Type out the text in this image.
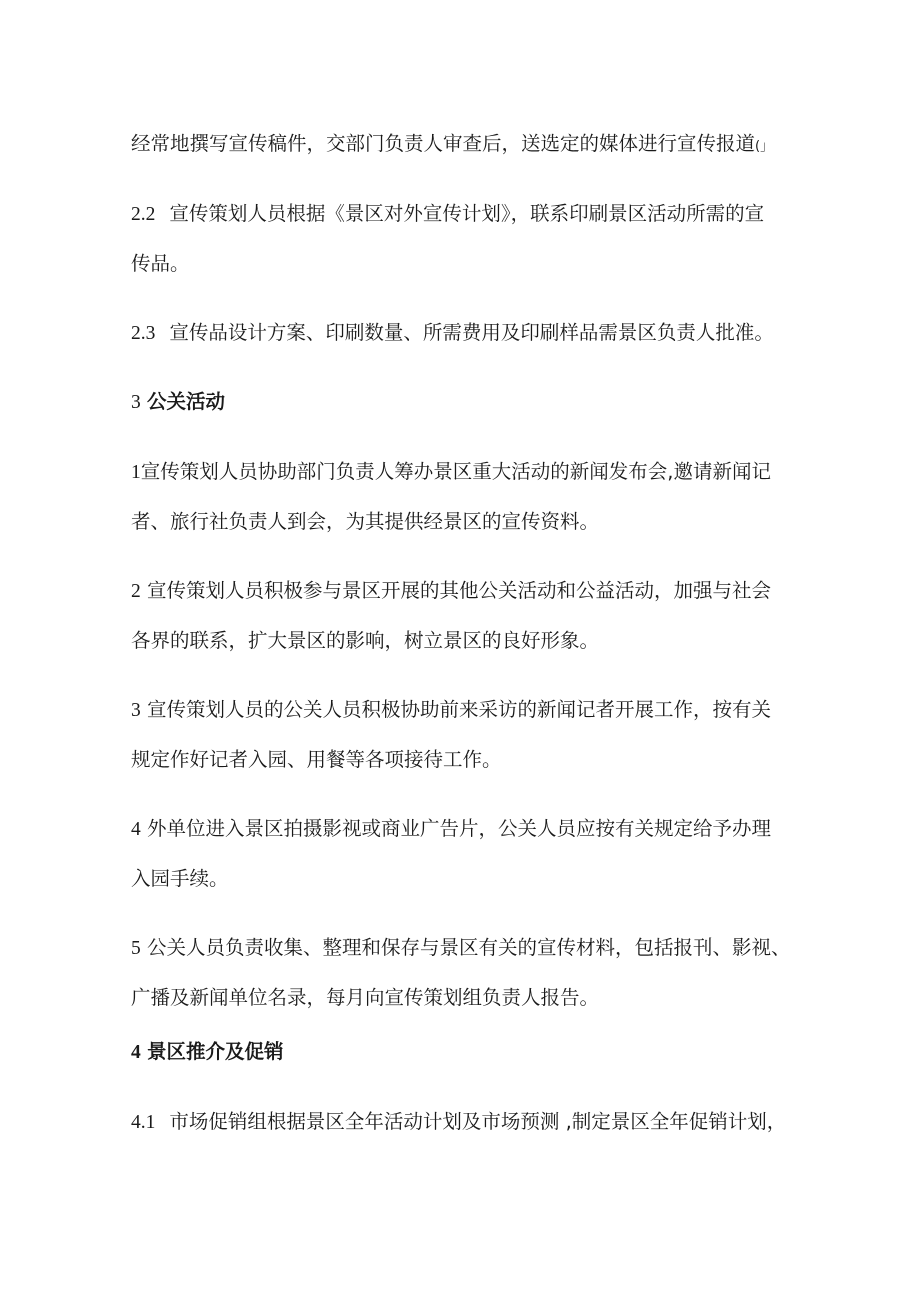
经常地撰写宣传稿件，交部门负责人审查后，送选定的媒体进行宣传报道(」

2.2 宣传策划人员根据《景区对外宣传计划》，联系印刷景区活动所需的宣

传品。

2.3 宣传品设计方案、印刷数量、所需费用及印刷样品需景区负责人批准。

3 公关活动

1宣传策划人员协助部门负责人筹办景区重大活动的新闻发布会,邀请新闻记

者、旅行社负责人到会，为其提供经景区的宣传资料。

2 宣传策划人员积极参与景区开展的其他公关活动和公益活动，加强与社会

各界的联系，扩大景区的影响，树立景区的良好形象。

3 宣传策划人员的公关人员积极协助前来采访的新闻记者开展工作，按有关

规定作好记者入园、用餐等各项接待工作。

4 外单位进入景区拍摄影视或商业广告片，公关人员应按有关规定给予办理

入园手续。

5 公关人员负责收集、整理和保存与景区有关的宣传材料，包括报刊、影视、

广播及新闻单位名录，每月向宣传策划组负责人报告。

4 景区推介及促销

4.1 市场促销组根据景区全年活动计划及市场预测 ,制定景区全年促销计划，
